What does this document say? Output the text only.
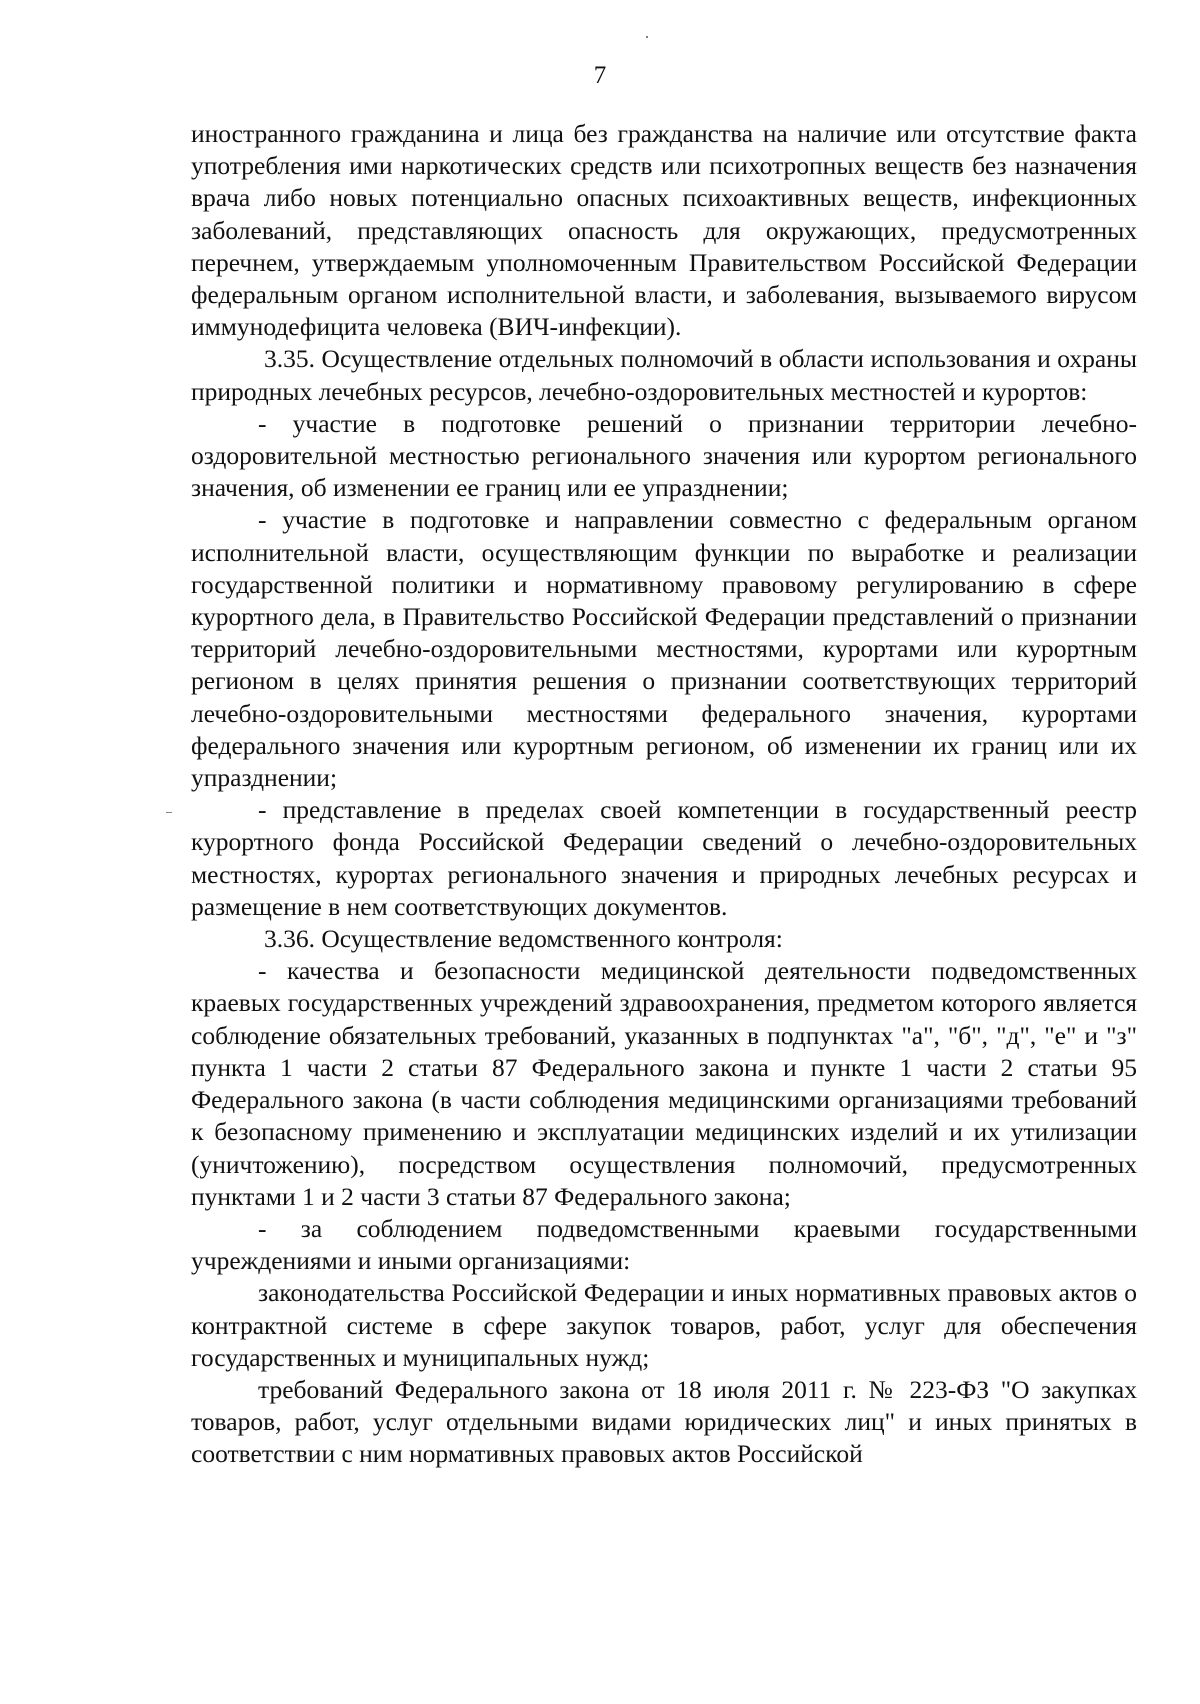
7

иностранного гражданина и лица без гражданства на наличие или отсутствие факта употребления ими наркотических средств или психотропных веществ без назначения врача либо новых потенциально опасных психоактивных веществ, инфекционных заболеваний, представляющих опасность для окружающих, предусмотренных перечнем, утверждаемым уполномоченным Правительством Российской Федерации федеральным органом исполнительной власти, и заболевания, вызываемого вирусом иммунодефицита человека (ВИЧ-инфекции).

3.35. Осуществление отдельных полномочий в области использования и охраны природных лечебных ресурсов, лечебно-оздоровительных местностей и курортов:

- участие в подготовке решений о признании территории лечебно-оздоровительной местностью регионального значения или курортом регионального значения, об изменении ее границ или ее упразднении;

- участие в подготовке и направлении совместно с федеральным органом исполнительной власти, осуществляющим функции по выработке и реализации государственной политики и нормативному правовому регулированию в сфере курортного дела, в Правительство Российской Федерации представлений о признании территорий лечебно-оздоровительными местностями, курортами или курортным регионом в целях принятия решения о признании соответствующих территорий лечебно-оздоровительными местностями федерального значения, курортами федерального значения или курортным регионом, об изменении их границ или их упразднении;

- представление в пределах своей компетенции в государственный реестр курортного фонда Российской Федерации сведений о лечебно-оздоровительных местностях, курортах регионального значения и природных лечебных ресурсах и размещение в нем соответствующих документов.

3.36. Осуществление ведомственного контроля:

- качества и безопасности медицинской деятельности подведомственных краевых государственных учреждений здравоохранения, предметом которого является соблюдение обязательных требований, указанных в подпунктах "а", "б", "д", "е" и "з" пункта 1 части 2 статьи 87 Федерального закона и пункте 1 части 2 статьи 95 Федерального закона (в части соблюдения медицинскими организациями требований к безопасному применению и эксплуатации медицинских изделий и их утилизации (уничтожению), посредством осуществления полномочий, предусмотренных пунктами 1 и 2 части 3 статьи 87 Федерального закона;

- за соблюдением подведомственными краевыми государственными учреждениями и иными организациями:

законодательства Российской Федерации и иных нормативных правовых актов о контрактной системе в сфере закупок товаров, работ, услуг для обеспечения государственных и муниципальных нужд;

требований Федерального закона от 18 июля 2011 г. № 223-ФЗ "О закупках товаров, работ, услуг отдельными видами юридических лиц" и иных принятых в соответствии с ним нормативных правовых актов Российской
